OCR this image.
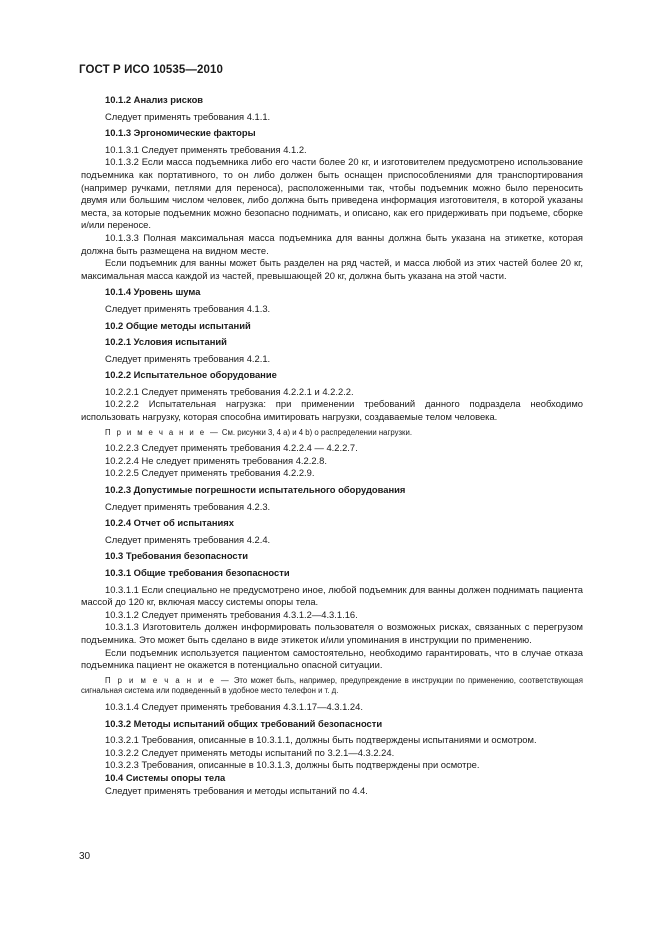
ГОСТ Р ИСО 10535—2010

10.1.2 Анализ рисков

Следует применять требования 4.1.1.

10.1.3 Эргономические факторы

10.1.3.1 Следует применять требования 4.1.2.

10.1.3.2 Если масса подъемника либо его части более 20 кг, и изготовителем предусмотрено использование подъемника как портативного, то он либо должен быть оснащен приспособлениями для транспортирования (например ручками, петлями для переноса), расположенными так, чтобы подъемник можно было переносить двумя или большим числом человек, либо должна быть приведена информация изготовителя, в которой указаны места, за которые подъемник можно безопасно поднимать, и описано, как его придерживать при подъеме, сборке и/или переносе.

10.1.3.3 Полная максимальная масса подъемника для ванны должна быть указана на этикетке, которая должна быть размещена на видном месте.

Если подъемник для ванны может быть разделен на ряд частей, и масса любой из этих частей более 20 кг, максимальная масса каждой из частей, превышающей 20 кг, должна быть указана на этой части.

10.1.4 Уровень шума

Следует применять требования 4.1.3.

10.2 Общие методы испытаний

10.2.1 Условия испытаний

Следует применять требования 4.2.1.

10.2.2 Испытательное оборудование

10.2.2.1 Следует применять требования 4.2.2.1 и 4.2.2.2.

10.2.2.2 Испытательная нагрузка: при применении требований данного подраздела необходимо использовать нагрузку, которая способна имитировать нагрузки, создаваемые телом человека.

П р и м е ч а н и е — См. рисунки 3, 4 а) и 4 b) о распределении нагрузки.

10.2.2.3 Следует применять требования 4.2.2.4 — 4.2.2.7.

10.2.2.4 Не следует применять требования 4.2.2.8.

10.2.2.5 Следует применять требования 4.2.2.9.

10.2.3 Допустимые погрешности испытательного оборудования

Следует применять требования 4.2.3.

10.2.4 Отчет об испытаниях

Следует применять требования 4.2.4.

10.3 Требования безопасности

10.3.1 Общие требования безопасности

10.3.1.1 Если специально не предусмотрено иное, любой подъемник для ванны должен поднимать пациента массой до 120 кг, включая массу системы опоры тела.

10.3.1.2 Следует применять требования 4.3.1.2—4.3.1.16.

10.3.1.3 Изготовитель должен информировать пользователя о возможных рисках, связанных с перегрузом подъемника. Это может быть сделано в виде этикеток и/или упоминания в инструкции по применению.

Если подъемник используется пациентом самостоятельно, необходимо гарантировать, что в случае отказа подъемника пациент не окажется в потенциально опасной ситуации.

П р и м е ч а н и е — Это может быть, например, предупреждение в инструкции по применению, соответствующая сигнальная система или подведенный в удобное место телефон и т. д.

10.3.1.4 Следует применять требования 4.3.1.17—4.3.1.24.

10.3.2 Методы испытаний общих требований безопасности

10.3.2.1 Требования, описанные в 10.3.1.1, должны быть подтверждены испытаниями и осмотром.

10.3.2.2 Следует применять методы испытаний по 3.2.1—4.3.2.24.

10.3.2.3 Требования, описанные в 10.3.1.3, должны быть подтверждены при осмотре.

10.4 Системы опоры тела

Следует применять требования и методы испытаний по 4.4.

30
